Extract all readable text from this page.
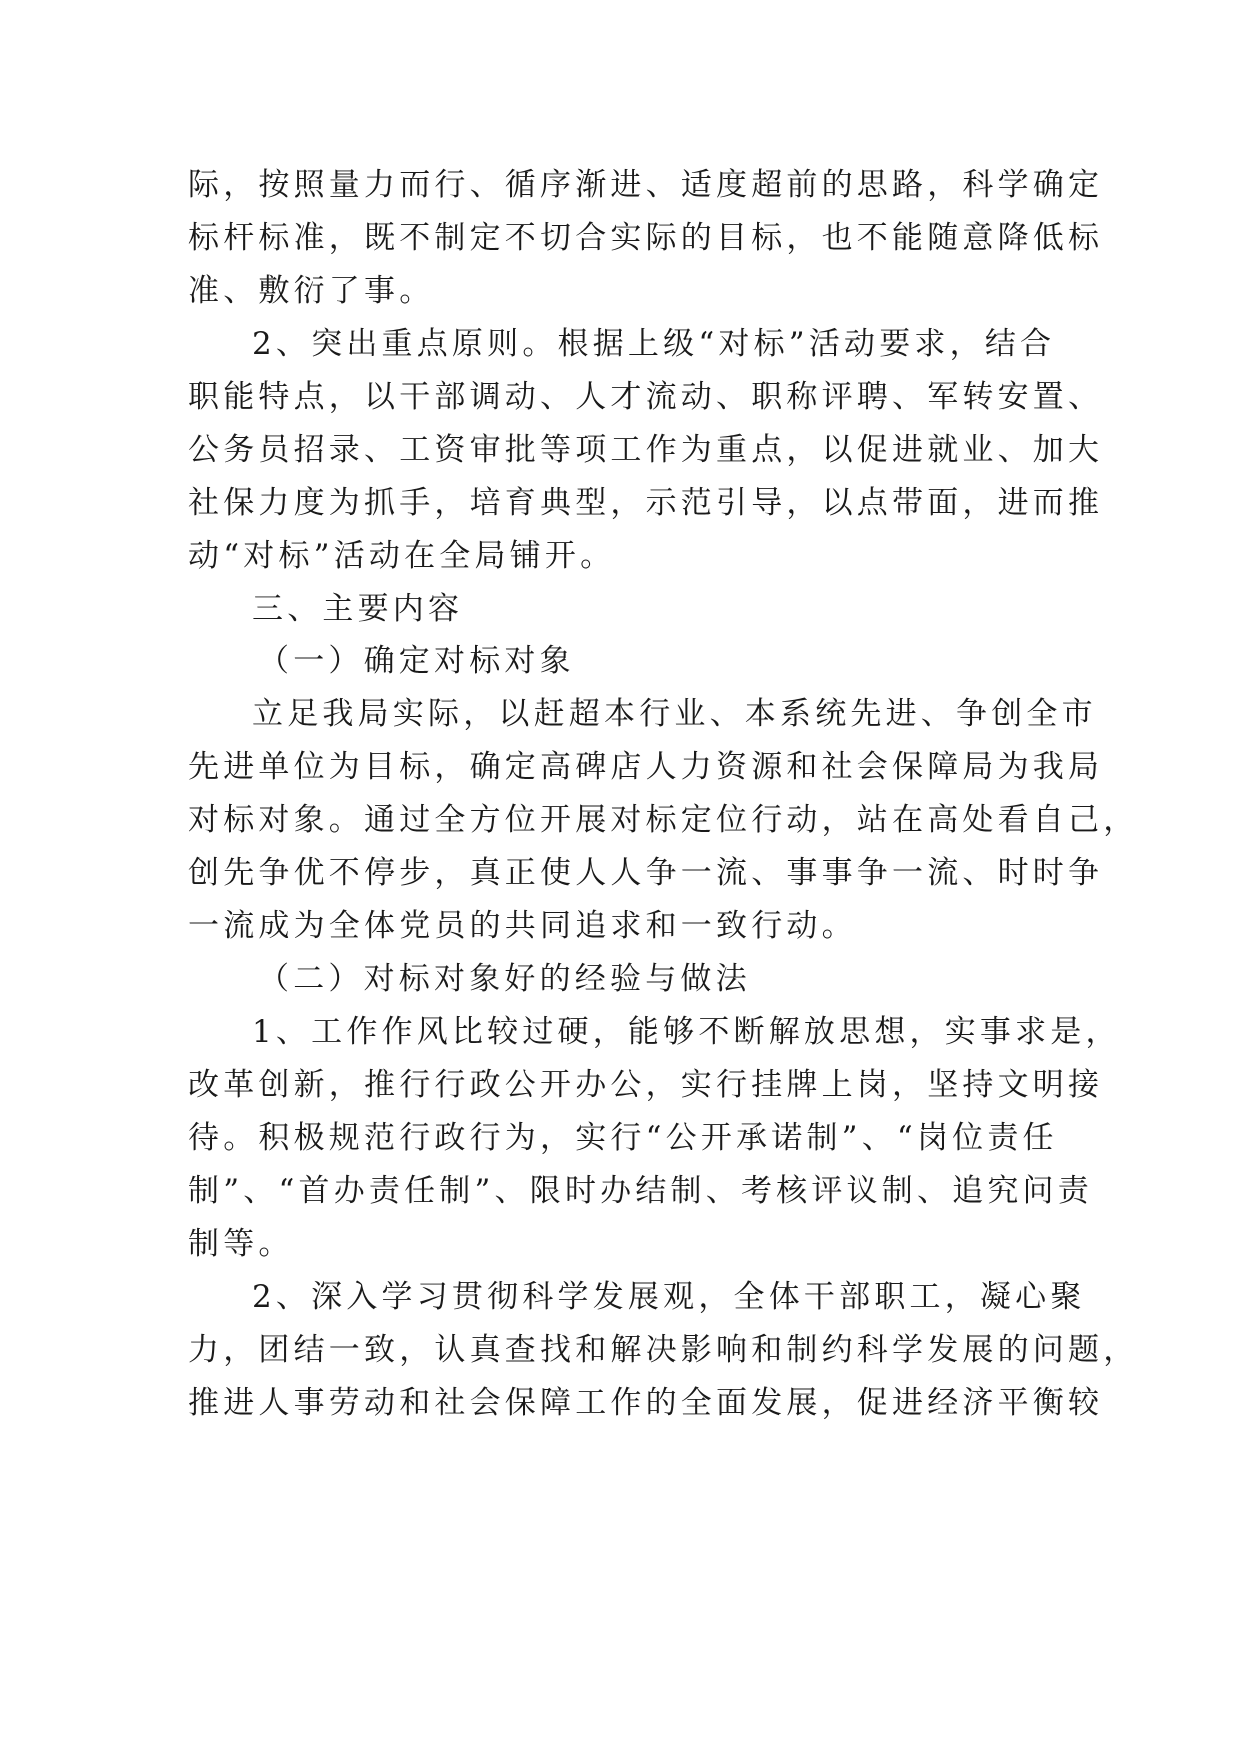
际，按照量力而行、循序渐进、适度超前的思路，科学确定
标杆标准，既不制定不切合实际的目标，也不能随意降低标
准、敷衍了事。
2、突出重点原则。根据上级“对标”活动要求，结合
职能特点，以干部调动、人才流动、职称评聘、军转安置、
公务员招录、工资审批等项工作为重点，以促进就业、加大
社保力度为抓手，培育典型，示范引导，以点带面，进而推
动“对标”活动在全局铺开。
三、主要内容
（一）确定对标对象
立足我局实际，以赶超本行业、本系统先进、争创全市
先进单位为目标，确定高碑店人力资源和社会保障局为我局
对标对象。通过全方位开展对标定位行动，站在高处看自己，
创先争优不停步，真正使人人争一流、事事争一流、时时争
一流成为全体党员的共同追求和一致行动。
（二）对标对象好的经验与做法
1、工作作风比较过硬，能够不断解放思想，实事求是，
改革创新，推行行政公开办公，实行挂牌上岗，坚持文明接
待。积极规范行政行为，实行“公开承诺制”、“岗位责任
制”、“首办责任制”、限时办结制、考核评议制、追究问责
制等。
2、深入学习贯彻科学发展观，全体干部职工，凝心聚
力，团结一致，认真查找和解决影响和制约科学发展的问题，
推进人事劳动和社会保障工作的全面发展，促进经济平衡较
